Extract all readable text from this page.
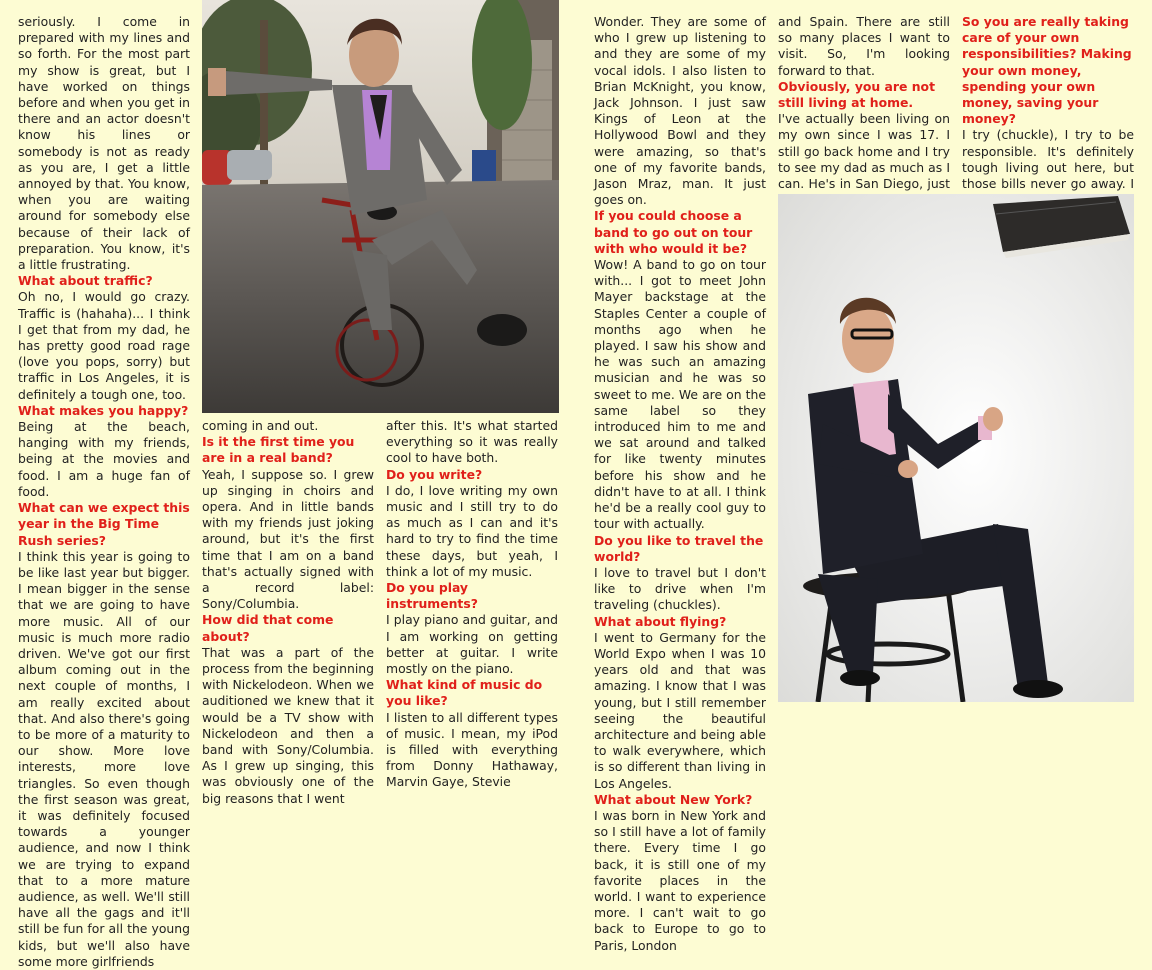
seriously. I come in prepared with my lines and so forth. For the most part my show is great, but I have worked on things before and when you get in there and an actor doesn't know his lines or somebody is not as ready as you are, I get a little annoyed by that. You know, when you are waiting around for somebody else because of their lack of preparation. You know, it's a little frustrating.

What about traffic?

Oh no, I would go crazy. Traffic is (hahaha)... I think I get that from my dad, he has pretty good road rage (love you pops, sorry) but traffic in Los Angeles, it is definitely a tough one, too.

What makes you happy?

Being at the beach, hanging with my friends, being at the movies and food. I am a huge fan of food.

What can we expect this year in the Big Time Rush series?

I think this year is going to be like last year but bigger. I mean bigger in the sense that we are going to have more music. All of our music is much more radio driven. We've got our first album coming out in the next couple of months, I am really excited about that. And also there's going to be more of a maturity to our show. More love interests, more love triangles. So even though the first season was great, it was definitely focused towards a younger audience, and now I think we are trying to expand that to a more mature audience, as well. We'll still have all the gags and it'll still be fun for all the young kids, but we'll also have some more girlfriends

coming in and out.

Is it the first time you are in a real band?

Yeah, I suppose so. I grew up singing in choirs and opera. And in little bands with my friends just joking around, but it's the first time that I am on a band that's actually signed with a record label: Sony/Columbia.

How did that come about?

That was a part of the process from the beginning with Nickelodeon. When we auditioned we knew that it would be a TV show with Nickelodeon and then a band with Sony/Columbia. As I grew up singing, this was obviously one of the big reasons that I went

after this. It's what started everything so it was really cool to have both.

Do you write?

I do, I love writing my own music and I still try to do as much as I can and it's hard to try to find the time these days, but yeah, I think a lot of my music.

Do you play instruments?

I play piano and guitar, and I am working on getting better at guitar. I write mostly on the piano.

What kind of music do you like?

I listen to all different types of music. I mean, my iPod is filled with everything from Donny Hathaway, Marvin Gaye, Stevie

Wonder. They are some of who I grew up listening to and they are some of my vocal idols. I also listen to Brian McKnight, you know, Jack Johnson. I just saw Kings of Leon at the Hollywood Bowl and they were amazing, so that's one of my favorite bands, Jason Mraz, man. It just goes on.

If you could choose a band to go out on tour with who would it be?

Wow! A band to go on tour with... I got to meet John Mayer backstage at the Staples Center a couple of months ago when he played. I saw his show and he was such an amazing musician and he was so sweet to me. We are on the same label so they introduced him to me and we sat around and talked for like twenty minutes before his show and he didn't have to at all. I think he'd be a really cool guy to tour with actually.

Do you like to travel the world?

I love to travel but I don't like to drive when I'm traveling (chuckles).

What about flying?

I went to Germany for the World Expo when I was 10 years old and that was amazing. I know that I was young, but I still remember seeing the beautiful architecture and being able to walk everywhere, which is so different than living in Los Angeles.

What about New York?

I was born in New York and so I still have a lot of family there. Every time I go back, it is still one of my favorite places in the world. I want to experience more. I can't wait to go back to Europe to go to Paris, London

and Spain. There are still so many places I want to visit. So, I'm looking forward to that.

Obviously, you are not still living at home.

I've actually been living on my own since I was 17. I still go back home and I try to see my dad as much as I can. He's in San Diego, just

So you are really taking care of your own responsibilities? Making your own money, spending your own money, saving your money?

I try (chuckle), I try to be responsible. It's definitely tough living out here, but those bills never go away. I
